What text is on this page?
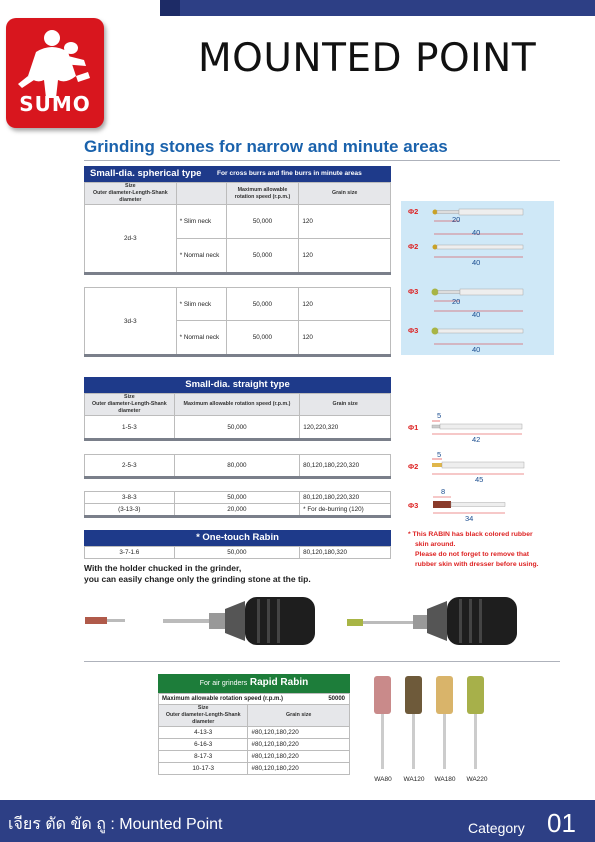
SUMO
MOUNTED POINT
Grinding stones for narrow and minute areas
Small-dia. spherical type For cross burrs and fine burrs in minute areas
Size
Outer diameter-Length-Shank diameter		Maximum allowable rotation speed (r.p.m.)	Grain size
2d-3	* Slim neck	50,000	120
	* Normal neck	50,000	120
3d-3	* Slim neck	50,000	120
	* Normal neck	50,000	120
Φ2
20
40
Φ2
40
Φ3
20
40
Φ3
40
Small-dia. straight type
Size
Outer diameter-Length-Shank diameter	Maximum allowable rotation speed (r.p.m.)	Grain size
1-5-3	50,000	120,220,320
2-5-3	80,000	80,120,180,220,320
3-8-3	50,000	80,120,180,220,320
(3-13-3)	20,000	* For de-burring (120)
Φ1
5
42
Φ2
5
45
Φ3
8
34
* This RABIN has black colored rubber
skin around.
Please do not forget to remove that
rubber skin with dresser before using.
* One-touch Rabin
3-7-1.6	50,000	80,120,180,320
With the holder chucked in the grinder,
you can easily change only the grinding stone at the tip.
For air grinders Rapid Rabin
Maximum allowable rotation speed (r.p.m.) 50000	

Size
Outer diameter-Length-Shank diameter	Grain size
4-13-3	#80,120,180,220
6-16-3	#80,120,180,220
8-17-3	#80,120,180,220
10-17-3	#80,120,180,220
WA80	WA120 WA180	WA220
เจียร ตัด ขัด ถู : Mounted Point	Category 01
